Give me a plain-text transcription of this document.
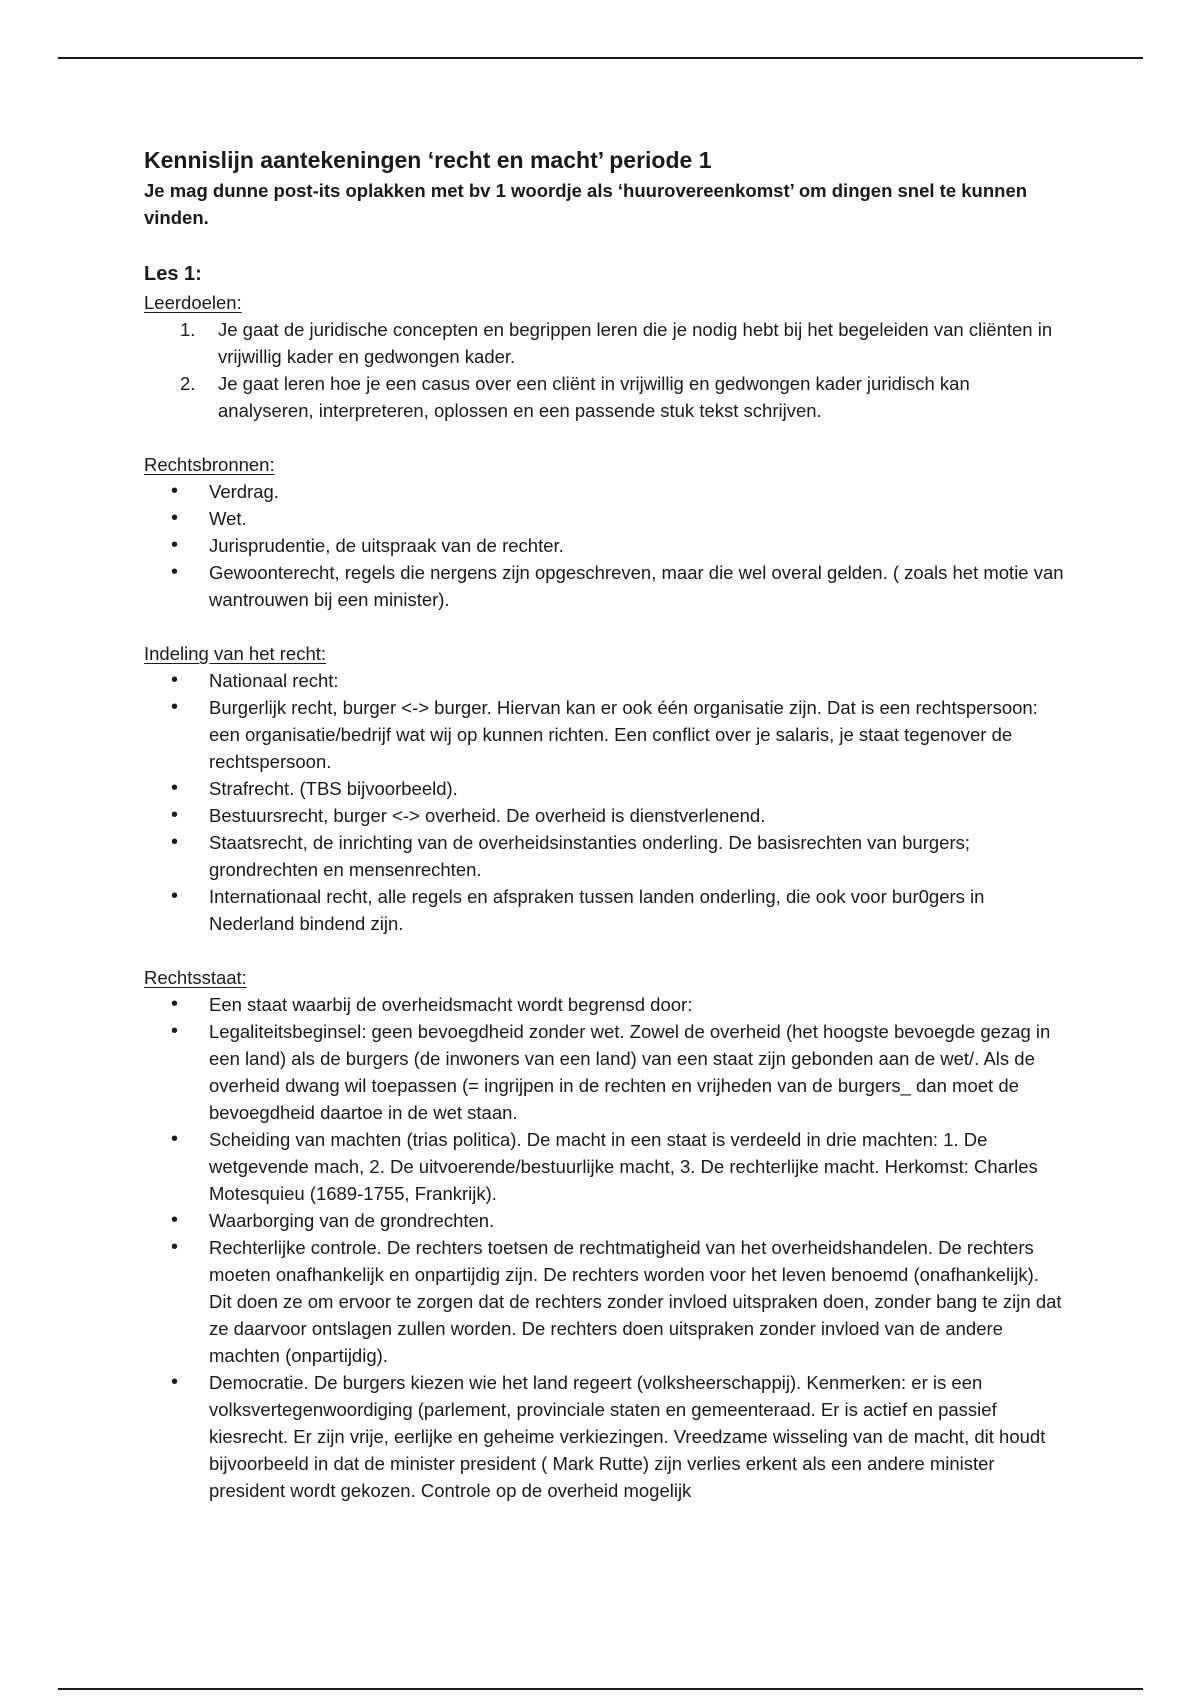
Kennislijn aantekeningen ‘recht en macht’ periode 1

Je mag dunne post-its oplakken met bv 1 woordje als ‘huurovereenkomst’ om dingen snel te kunnen vinden.

Les 1:
Leerdoelen:
1. Je gaat de juridische concepten en begrippen leren die je nodig hebt bij het begeleiden van cliënten in vrijwillig kader en gedwongen kader.
2. Je gaat leren hoe je een casus over een cliënt in vrijwillig en gedwongen kader juridisch kan analyseren, interpreteren, oplossen en een passende stuk tekst schrijven.
Rechtsbronnen:
• Verdrag.
• Wet.
• Jurisprudentie, de uitspraak van de rechter.
• Gewoonterecht, regels die nergens zijn opgeschreven, maar die wel overal gelden. ( zoals het motie van wantrouwen bij een minister).
Indeling van het recht:
• Nationaal recht:
• Burgerlijk recht, burger <-> burger. Hiervan kan er ook één organisatie zijn. Dat is een rechtspersoon: een organisatie/bedrijf wat wij op kunnen richten. Een conflict over je salaris, je staat tegenover de rechtspersoon.
• Strafrecht. (TBS bijvoorbeeld).
• Bestuursrecht, burger <-> overheid. De overheid is dienstverlenend.
• Staatsrecht, de inrichting van de overheidsinstanties onderling. De basisrechten van burgers; grondrechten en mensenrechten.
• Internationaal recht, alle regels en afspraken tussen landen onderling, die ook voor bur0gers in Nederland bindend zijn.
Rechtsstaat:
• Een staat waarbij de overheidsmacht wordt begrensd door:
• Legaliteitsbeginsel: geen bevoegdheid zonder wet. Zowel de overheid (het hoogste bevoegde gezag in een land) als de burgers (de inwoners van een land) van een staat zijn gebonden aan de wet/. Als de overheid dwang wil toepassen (= ingrijpen in de rechten en vrijheden van de burgers_ dan moet de bevoegdheid daartoe in de wet staan.
• Scheiding van machten (trias politica). De macht in een staat is verdeeld in drie machten: 1. De wetgevende mach, 2. De uitvoerende/bestuurlijke macht, 3. De rechterlijke macht. Herkomst: Charles Motesquieu (1689-1755, Frankrijk).
• Waarborging van de grondrechten.
• Rechterlijke controle. De rechters toetsen de rechtmatigheid van het overheidshandelen. De rechters moeten onafhankelijk en onpartijdig zijn. De rechters worden voor het leven benoemd (onafhankelijk). Dit doen ze om ervoor te zorgen dat de rechters zonder invloed uitspraken doen, zonder bang te zijn dat ze daarvoor ontslagen zullen worden. De rechters doen uitspraken zonder invloed van de andere machten (onpartijdig).
• Democratie. De burgers kiezen wie het land regeert (volksheerschappij). Kenmerken: er is een volksvertegenwoordiging (parlement, provinciale staten en gemeenteraad. Er is actief en passief kiesrecht. Er zijn vrije, eerlijke en geheime verkiezingen. Vreedzame wisseling van de macht, dit houdt bijvoorbeeld in dat de minister president ( Mark Rutte) zijn verlies erkent als een andere minister president wordt gekozen. Controle op de overheid mogelijk
